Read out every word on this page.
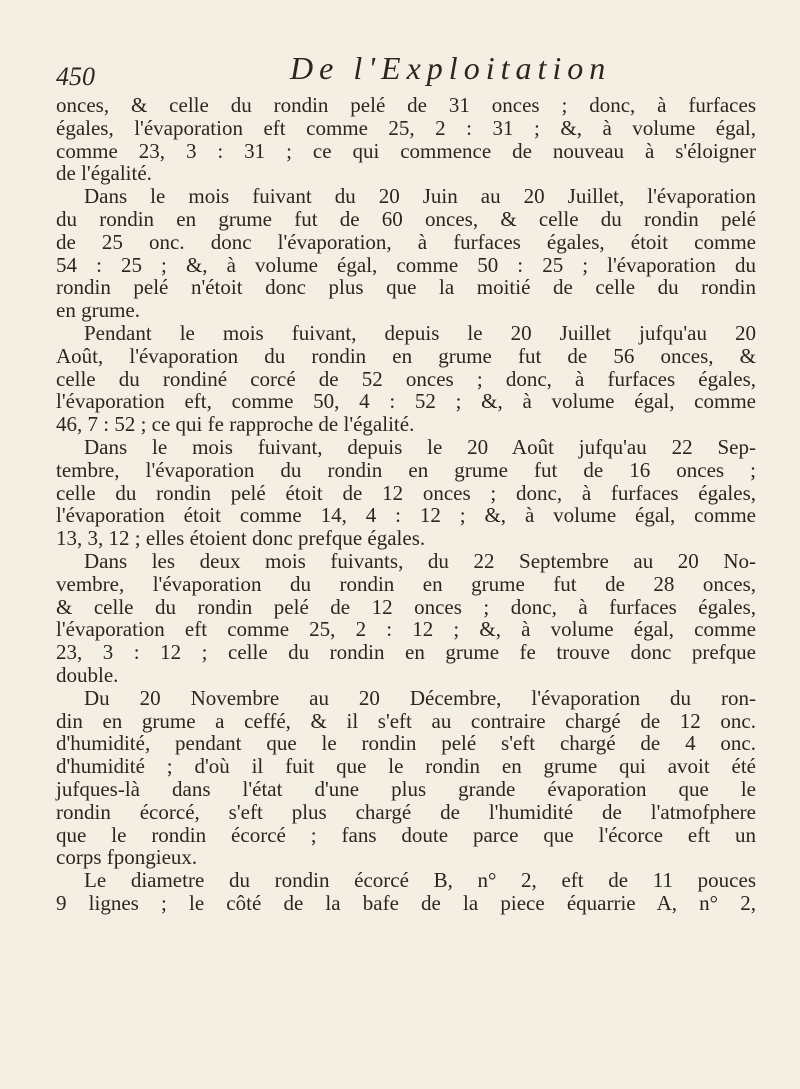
450	De l'Exploitation
onces, & celle du rondin pelé de 31 onces ; donc, à furfaces
égales, l'évaporation eft comme 25, 2 : 31 ; &, à volume égal,
comme 23, 3 : 31 ; ce qui commence de nouveau à s'éloigner
de l'égalité.
Dans le mois fuivant du 20 Juin au 20 Juillet, l'évaporation
du rondin en grume fut de 60 onces, & celle du rondin pelé
de 25 onc. donc l'évaporation, à furfaces égales, étoit comme
54 : 25 ; &, à volume égal, comme 50 : 25 ; l'évaporation du
rondin pelé n'étoit donc plus que la moitié de celle du rondin
en grume.
Pendant le mois fuivant, depuis le 20 Juillet jufqu'au 20
Août, l'évaporation du rondin en grume fut de 56 onces, &
celle du rondiné corcé de 52 onces ; donc, à furfaces égales,
l'évaporation eft, comme 50, 4 : 52 ; &, à volume égal, comme
46, 7 : 52 ; ce qui fe rapproche de l'égalité.
Dans le mois fuivant, depuis le 20 Août jufqu'au 22 Sep-
tembre, l'évaporation du rondin en grume fut de 16 onces ;
celle du rondin pelé étoit de 12 onces ; donc, à furfaces égales,
l'évaporation étoit comme 14, 4 : 12 ; &, à volume égal, comme
13, 3, 12 ; elles étoient donc prefque égales.
Dans les deux mois fuivants, du 22 Septembre au 20 No-
vembre, l'évaporation du rondin en grume fut de 28 onces,
& celle du rondin pelé de 12 onces ; donc, à furfaces égales,
l'évaporation eft comme 25, 2 : 12 ; &, à volume égal, comme
23, 3 : 12 ; celle du rondin en grume fe trouve donc prefque
double.
Du 20 Novembre au 20 Décembre, l'évaporation du ron-
din en grume a ceffé, & il s'eft au contraire chargé de 12 onc.
d'humidité, pendant que le rondin pelé s'eft chargé de 4 onc.
d'humidité ; d'où il fuit que le rondin en grume qui avoit été
jufques-là dans l'état d'une plus grande évaporation que le
rondin écorcé, s'eft plus chargé de l'humidité de l'atmofphere
que le rondin écorcé ; fans doute parce que l'écorce eft un
corps fpongieux.
Le diametre du rondin écorcé B, n° 2, eft de 11 pouces
9 lignes ; le côté de la bafe de la piece équarrie A, n° 2,
